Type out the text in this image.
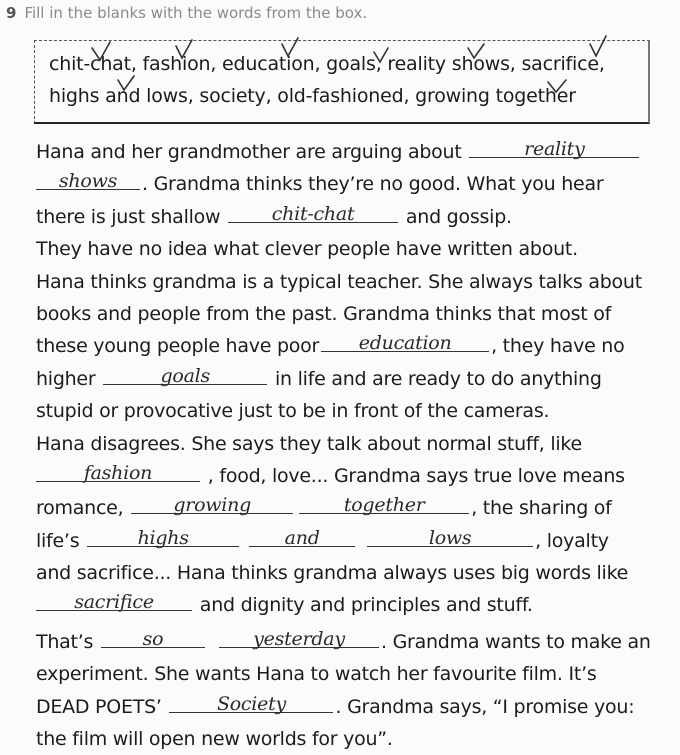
9 Fill in the blanks with the words from the box.
chit-chat, fashion, education, goals, reality shows, sacrifice,
highs and lows, society, old-fashioned, growing together
Hana and her grandmother are arguing about	reality
shows	. Grandma thinks they’re no good. What you hear
there is just shallow	chit-chat	and gossip.
They have no idea what clever people have written about.
Hana thinks grandma is a typical teacher. She always talks about
books and people from the past. Grandma thinks that most of
these young people have poor	education	, they have no
higher	goals	in life and are ready to do anything
stupid or provocative just to be in front of the cameras.
Hana disagrees. She says they talk about normal stuff, like
fashion	, food, love... Grandma says true love means
romance,	growing	together	, the sharing of
life’s	highs	and	lows	, loyalty
and sacrifice... Hana thinks grandma always uses big words like
sacrifice	and dignity and principles and stuff.
That’s	so	yesterday	. Grandma wants to make an
experiment. She wants Hana to watch her favourite film. It’s
DEAD POETS’	Society	. Grandma says, “I promise you:
the film will open new worlds for you”.
